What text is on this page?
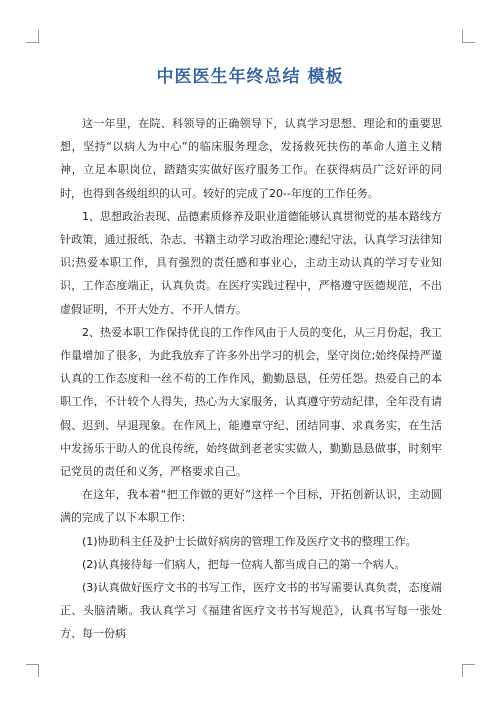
中医医生年终总结 模板

这一年里，在院、科领导的正确领导下，认真学习思想、理论和的重要思想，坚持“以病人为中心”的临床服务理念，发扬救死扶伤的革命人道主义精神，立足本职岗位，踏踏实实做好医疗服务工作。在获得病员广泛好评的同时，也得到各级组织的认可。较好的完成了20--年度的工作任务。

1、思想政治表现、品德素质修养及职业道德能够认真贯彻党的基本路线方针政策，通过报纸、杂志、书籍主动学习政治理论;遵纪守法，认真学习法律知识;热爱本职工作，具有强烈的责任感和事业心，主动主动认真的学习专业知识，工作态度端正，认真负责。在医疗实践过程中，严格遵守医德规范，不出虚假证明，不开大处方、不开人情方。

2、热爱本职工作保持优良的工作作风由于人员的变化，从三月份起，我工作量增加了很多，为此我放弃了许多外出学习的机会，坚守岗位;始终保持严谨认真的工作态度和一丝不苟的工作作风，勤勤恳恳，任劳任怨。热爱自己的本职工作，不计较个人得失，热心为大家服务，认真遵守劳动纪律，全年没有请假、迟到、早退现象。在作风上，能遵章守纪、团结同事、求真务实，在生活中发扬乐于助人的优良传统，始终做到老老实实做人，勤勤恳恳做事，时刻牢记党员的责任和义务，严格要求自己。

在这年，我本着“把工作做的更好”这样一个目标，开拓创新认识，主动圆满的完成了以下本职工作：

(1)协助科主任及护士长做好病房的管理工作及医疗文书的整理工作。

(2)认真接待每一们病人，把每一位病人都当成自己的第一个病人。

(3)认真做好医疗文书的书写工作，医疗文书的书写需要认真负责，态度端正、头脑清晰。我认真学习《福建省医疗文书书写规范》，认真书写每一张处方、每一份病
